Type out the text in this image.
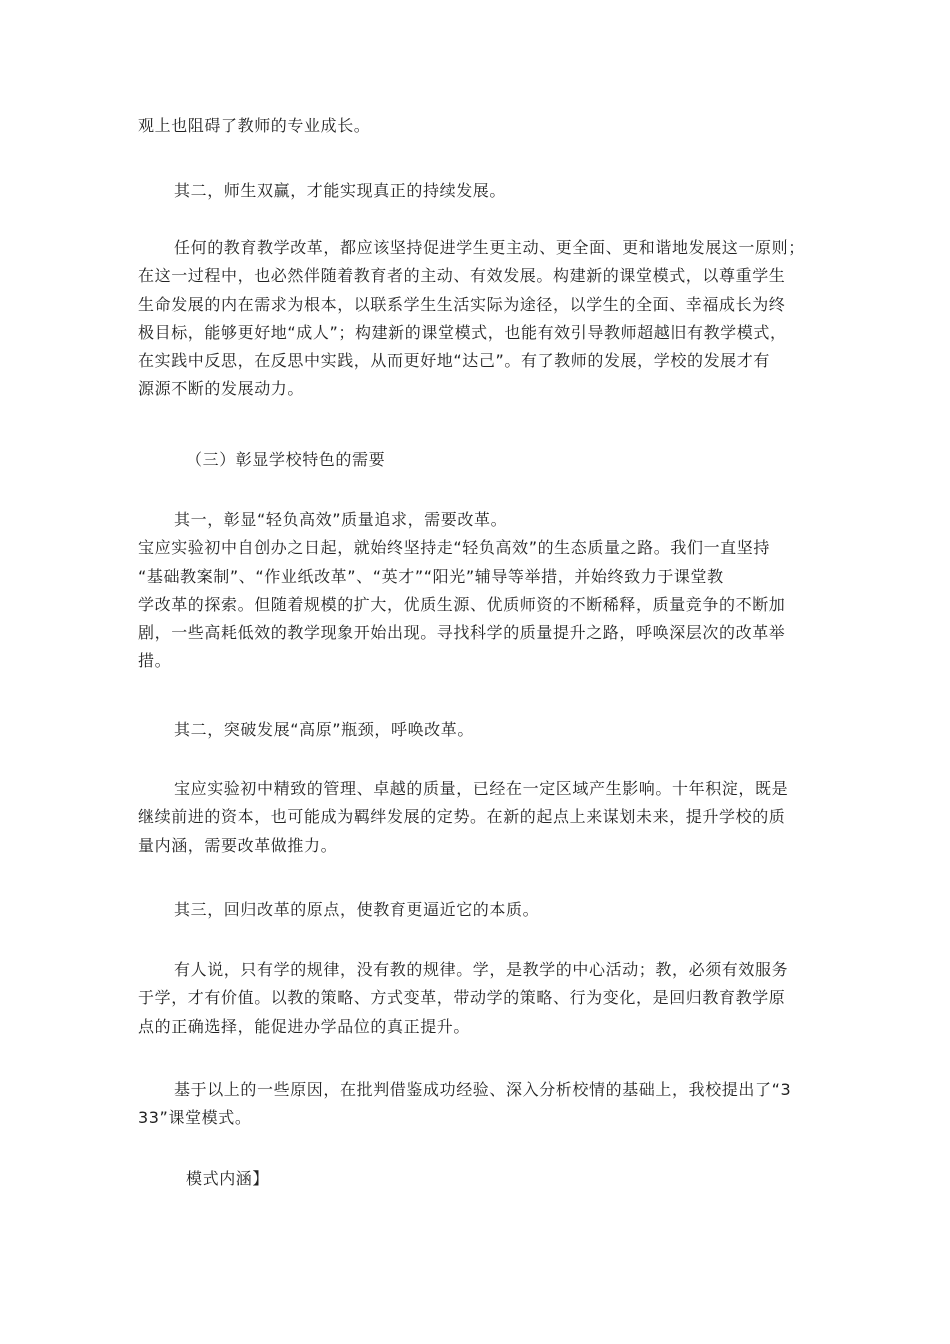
观上也阻碍了教师的专业成长。

其二，师生双赢，才能实现真正的持续发展。

任何的教育教学改革，都应该坚持促进学生更主动、更全面、更和谐地发展这一原则；
在这一过程中，也必然伴随着教育者的主动、有效发展。构建新的课堂模式，以尊重学生
生命发展的内在需求为根本，以联系学生生活实际为途径，以学生的全面、幸福成长为终
极目标，能够更好地“成人”；构建新的课堂模式，也能有效引导教师超越旧有教学模式，
在实践中反思，在反思中实践，从而更好地“达己”。有了教师的发展，学校的发展才有
源源不断的发展动力。

（三）彰显学校特色的需要

其一，彰显“轻负高效”质量追求，需要改革。
宝应实验初中自创办之日起，就始终坚持走“轻负高效”的生态质量之路。我们一直坚持
“基础教案制”、“作业纸改革”、“英才”“阳光”辅导等举措，并始终致力于课堂教
学改革的探索。但随着规模的扩大，优质生源、优质师资的不断稀释，质量竞争的不断加
剧，一些高耗低效的教学现象开始出现。寻找科学的质量提升之路，呼唤深层次的改革举
措。

其二，突破发展“高原”瓶颈，呼唤改革。

宝应实验初中精致的管理、卓越的质量，已经在一定区域产生影响。十年积淀，既是
继续前进的资本，也可能成为羁绊发展的定势。在新的起点上来谋划未来，提升学校的质
量内涵，需要改革做推力。

其三，回归改革的原点，使教育更逼近它的本质。

有人说，只有学的规律，没有教的规律。学，是教学的中心活动；教，必须有效服务
于学，才有价值。以教的策略、方式变革，带动学的策略、行为变化，是回归教育教学原
点的正确选择，能促进办学品位的真正提升。

基于以上的一些原因，在批判借鉴成功经验、深入分析校情的基础上，我校提出了“3
33”课堂模式。

模式内涵】
